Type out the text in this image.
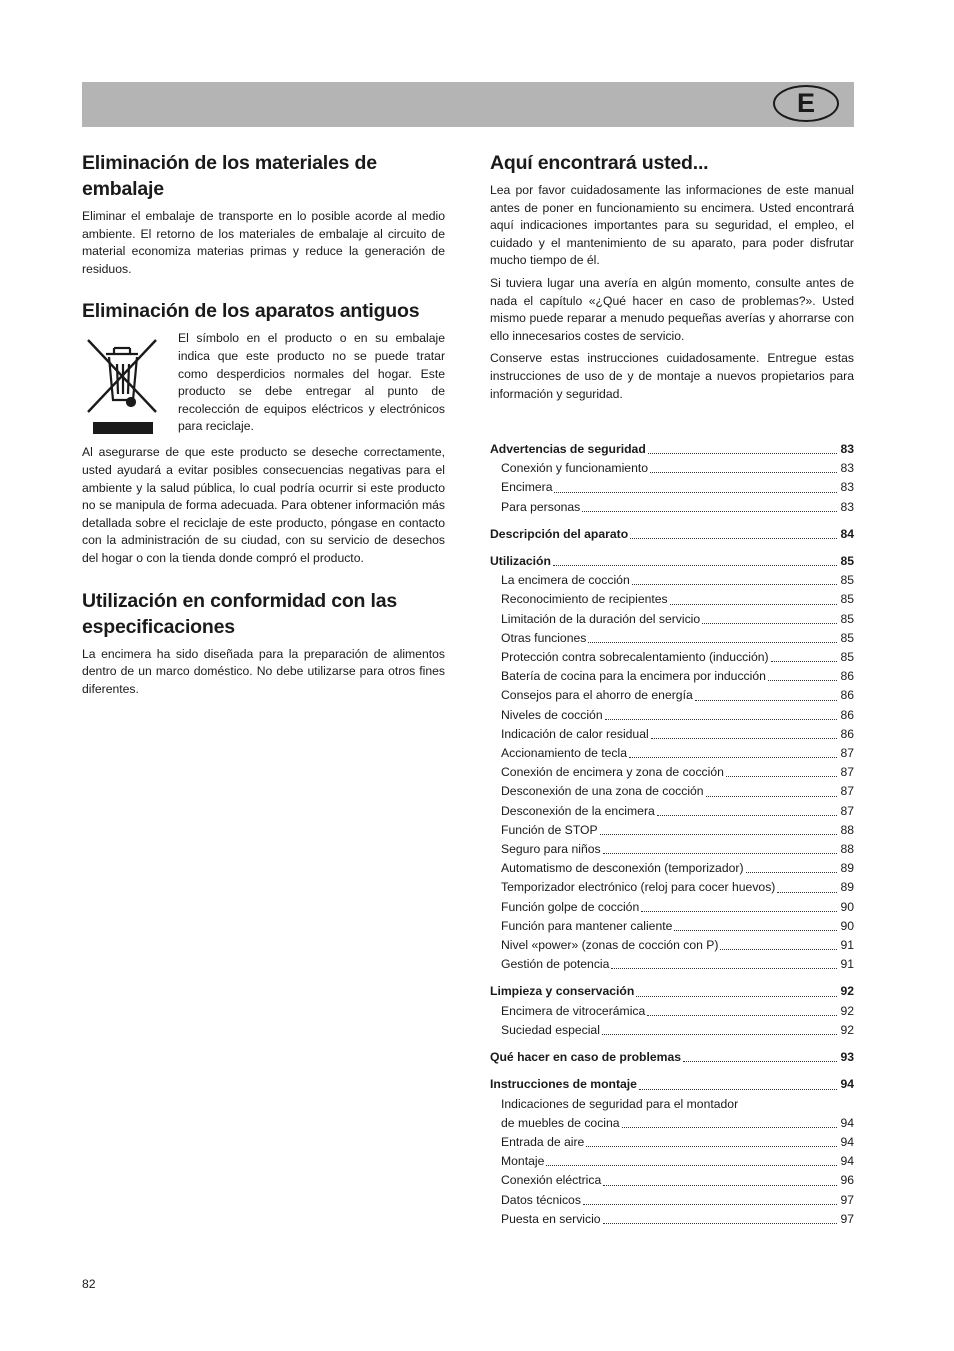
E
Eliminación de los materiales de embalaje

Eliminar el embalaje de transporte en lo posible acorde al medio ambiente. El retorno de los materiales de embalaje al circuito de material economiza materias primas y reduce la generación de residuos.

Eliminación de los aparatos antiguos

El símbolo en el producto o en su embalaje indica que este producto no se puede tratar como desperdicios normales del hogar. Este producto se debe entregar al punto de recolección de equipos eléctricos y electrónicos para reciclaje.

Al asegurarse de que este producto se deseche correctamente, usted ayudará a evitar posibles consecuencias negativas para el ambiente y la salud pública, lo cual podría ocurrir si este producto no se manipula de forma adecuada. Para obtener información más detallada sobre el reciclaje de este producto, póngase en contacto con la administración de su ciudad, con su servicio de desechos del hogar o con la tienda donde compró el producto.

Utilización en conformidad con las especificaciones

La encimera ha sido diseñada para la preparación de alimentos dentro de un marco doméstico. No debe utilizarse para otros fines diferentes.

Aquí encontrará usted...

Lea por favor cuidadosamente las informaciones de este manual antes de poner en funcionamiento su encimera. Usted encontrará aquí indicaciones importantes para su seguridad, el empleo, el cuidado y el mantenimiento de su aparato, para poder disfrutar mucho tiempo de él.

Si tuviera lugar una avería en algún momento, consulte antes de nada el capítulo «¿Qué hacer en caso de problemas?». Usted mismo puede reparar a menudo pequeñas averías y ahorrarse con ello innecesarios costes de servicio.

Conserve estas instrucciones cuidadosamente. Entregue estas instrucciones de uso de y de montaje a nuevos propietarios para información y seguridad.

Advertencias de seguridad	83
Conexión y funcionamiento	83
Encimera	83
Para personas	83
Descripción del aparato	84
Utilización	85
La encimera de cocción	85
Reconocimiento de recipientes	85
Limitación de la duración del servicio	85
Otras funciones	85
Protección contra sobrecalentamiento (inducción)	85
Batería de cocina para la encimera por inducción	86
Consejos para el ahorro de energía	86
Niveles de cocción	86
Indicación de calor residual	86
Accionamiento de tecla	87
Conexión de encimera y zona de cocción	87
Desconexión de una zona de cocción	87
Desconexión de la encimera	87
Función de STOP	88
Seguro para niños	88
Automatismo de desconexión (temporizador)	89
Temporizador electrónico (reloj para cocer huevos)	89
Función golpe de cocción	90
Función para mantener caliente	90
Nivel «power» (zonas de cocción con P)	91
Gestión de potencia	91
Limpieza y conservación	92
Encimera de vitrocerámica	92
Suciedad especial	92
Qué hacer en caso de problemas	93
Instrucciones de montaje	94
Indicaciones de seguridad para el montador
de muebles de cocina	94
Entrada de aire	94
Montaje	94
Conexión eléctrica	96
Datos técnicos	97
Puesta en servicio	97
82
